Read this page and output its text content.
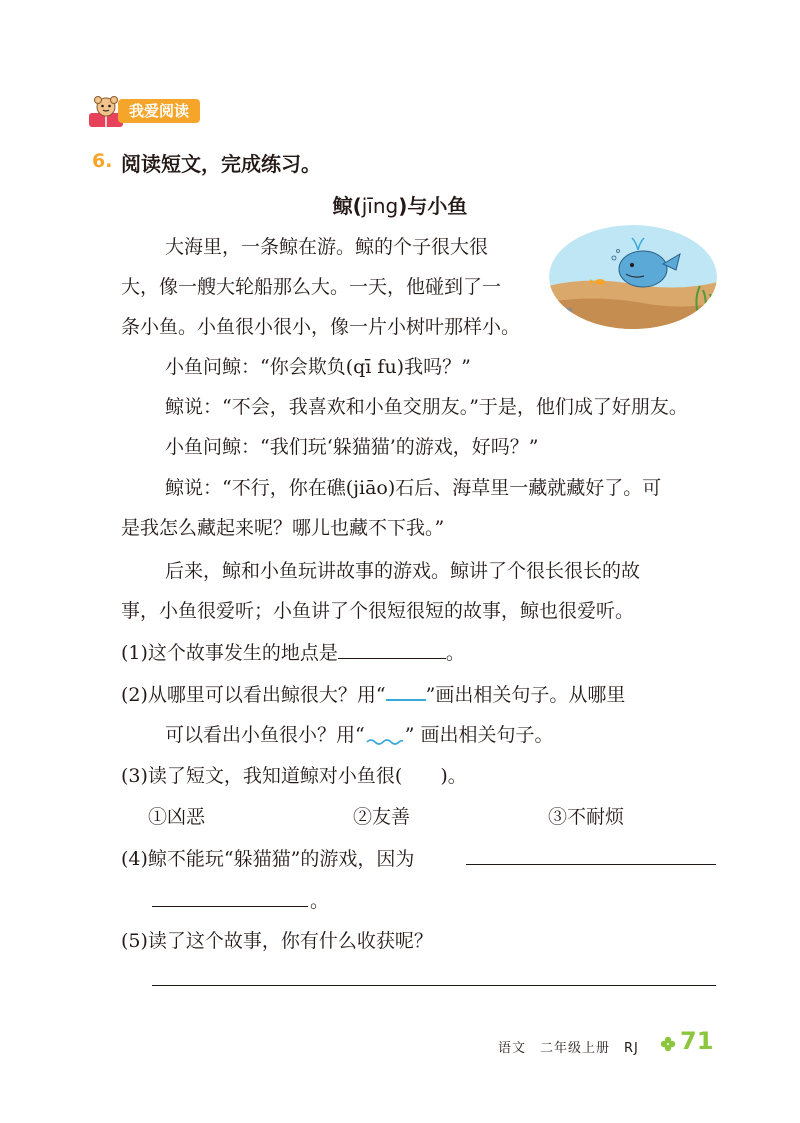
我爱阅读
6. 阅读短文，完成练习。
鲸(jīng)与小鱼
大海里，一条鲸在游。鲸的个子很大很
大，像一艘大轮船那么大。一天，他碰到了一
条小鱼。小鱼很小很小，像一片小树叶那样小。
小鱼问鲸：“你会欺负(qī fu)我吗？”
鲸说：“不会，我喜欢和小鱼交朋友。”于是，他们成了好朋友。
小鱼问鲸：“我们玩‘躲猫猫’的游戏，好吗？”
鲸说：“不行，你在礁(jiāo)石后、海草里一藏就藏好了。可
是我怎么藏起来呢？哪儿也藏不下我。”
后来，鲸和小鱼玩讲故事的游戏。鲸讲了个很长很长的故
事，小鱼很爱听；小鱼讲了个很短很短的故事，鲸也很爱听。
(1)这个故事发生的地点是	。
(2)从哪里可以看出鲸很大？用“ ”画出相关句子。从哪里
可以看出小鱼很小？用“ ” 画出相关句子。
(3)读了短文，我知道鲸对小鱼很(　　)。
①凶恶	②友善	③不耐烦
(4)鲸不能玩“躲猫猫”的游戏，因为
。
(5)读了这个故事，你有什么收获呢？
语文　二年级上册　RJ 71
